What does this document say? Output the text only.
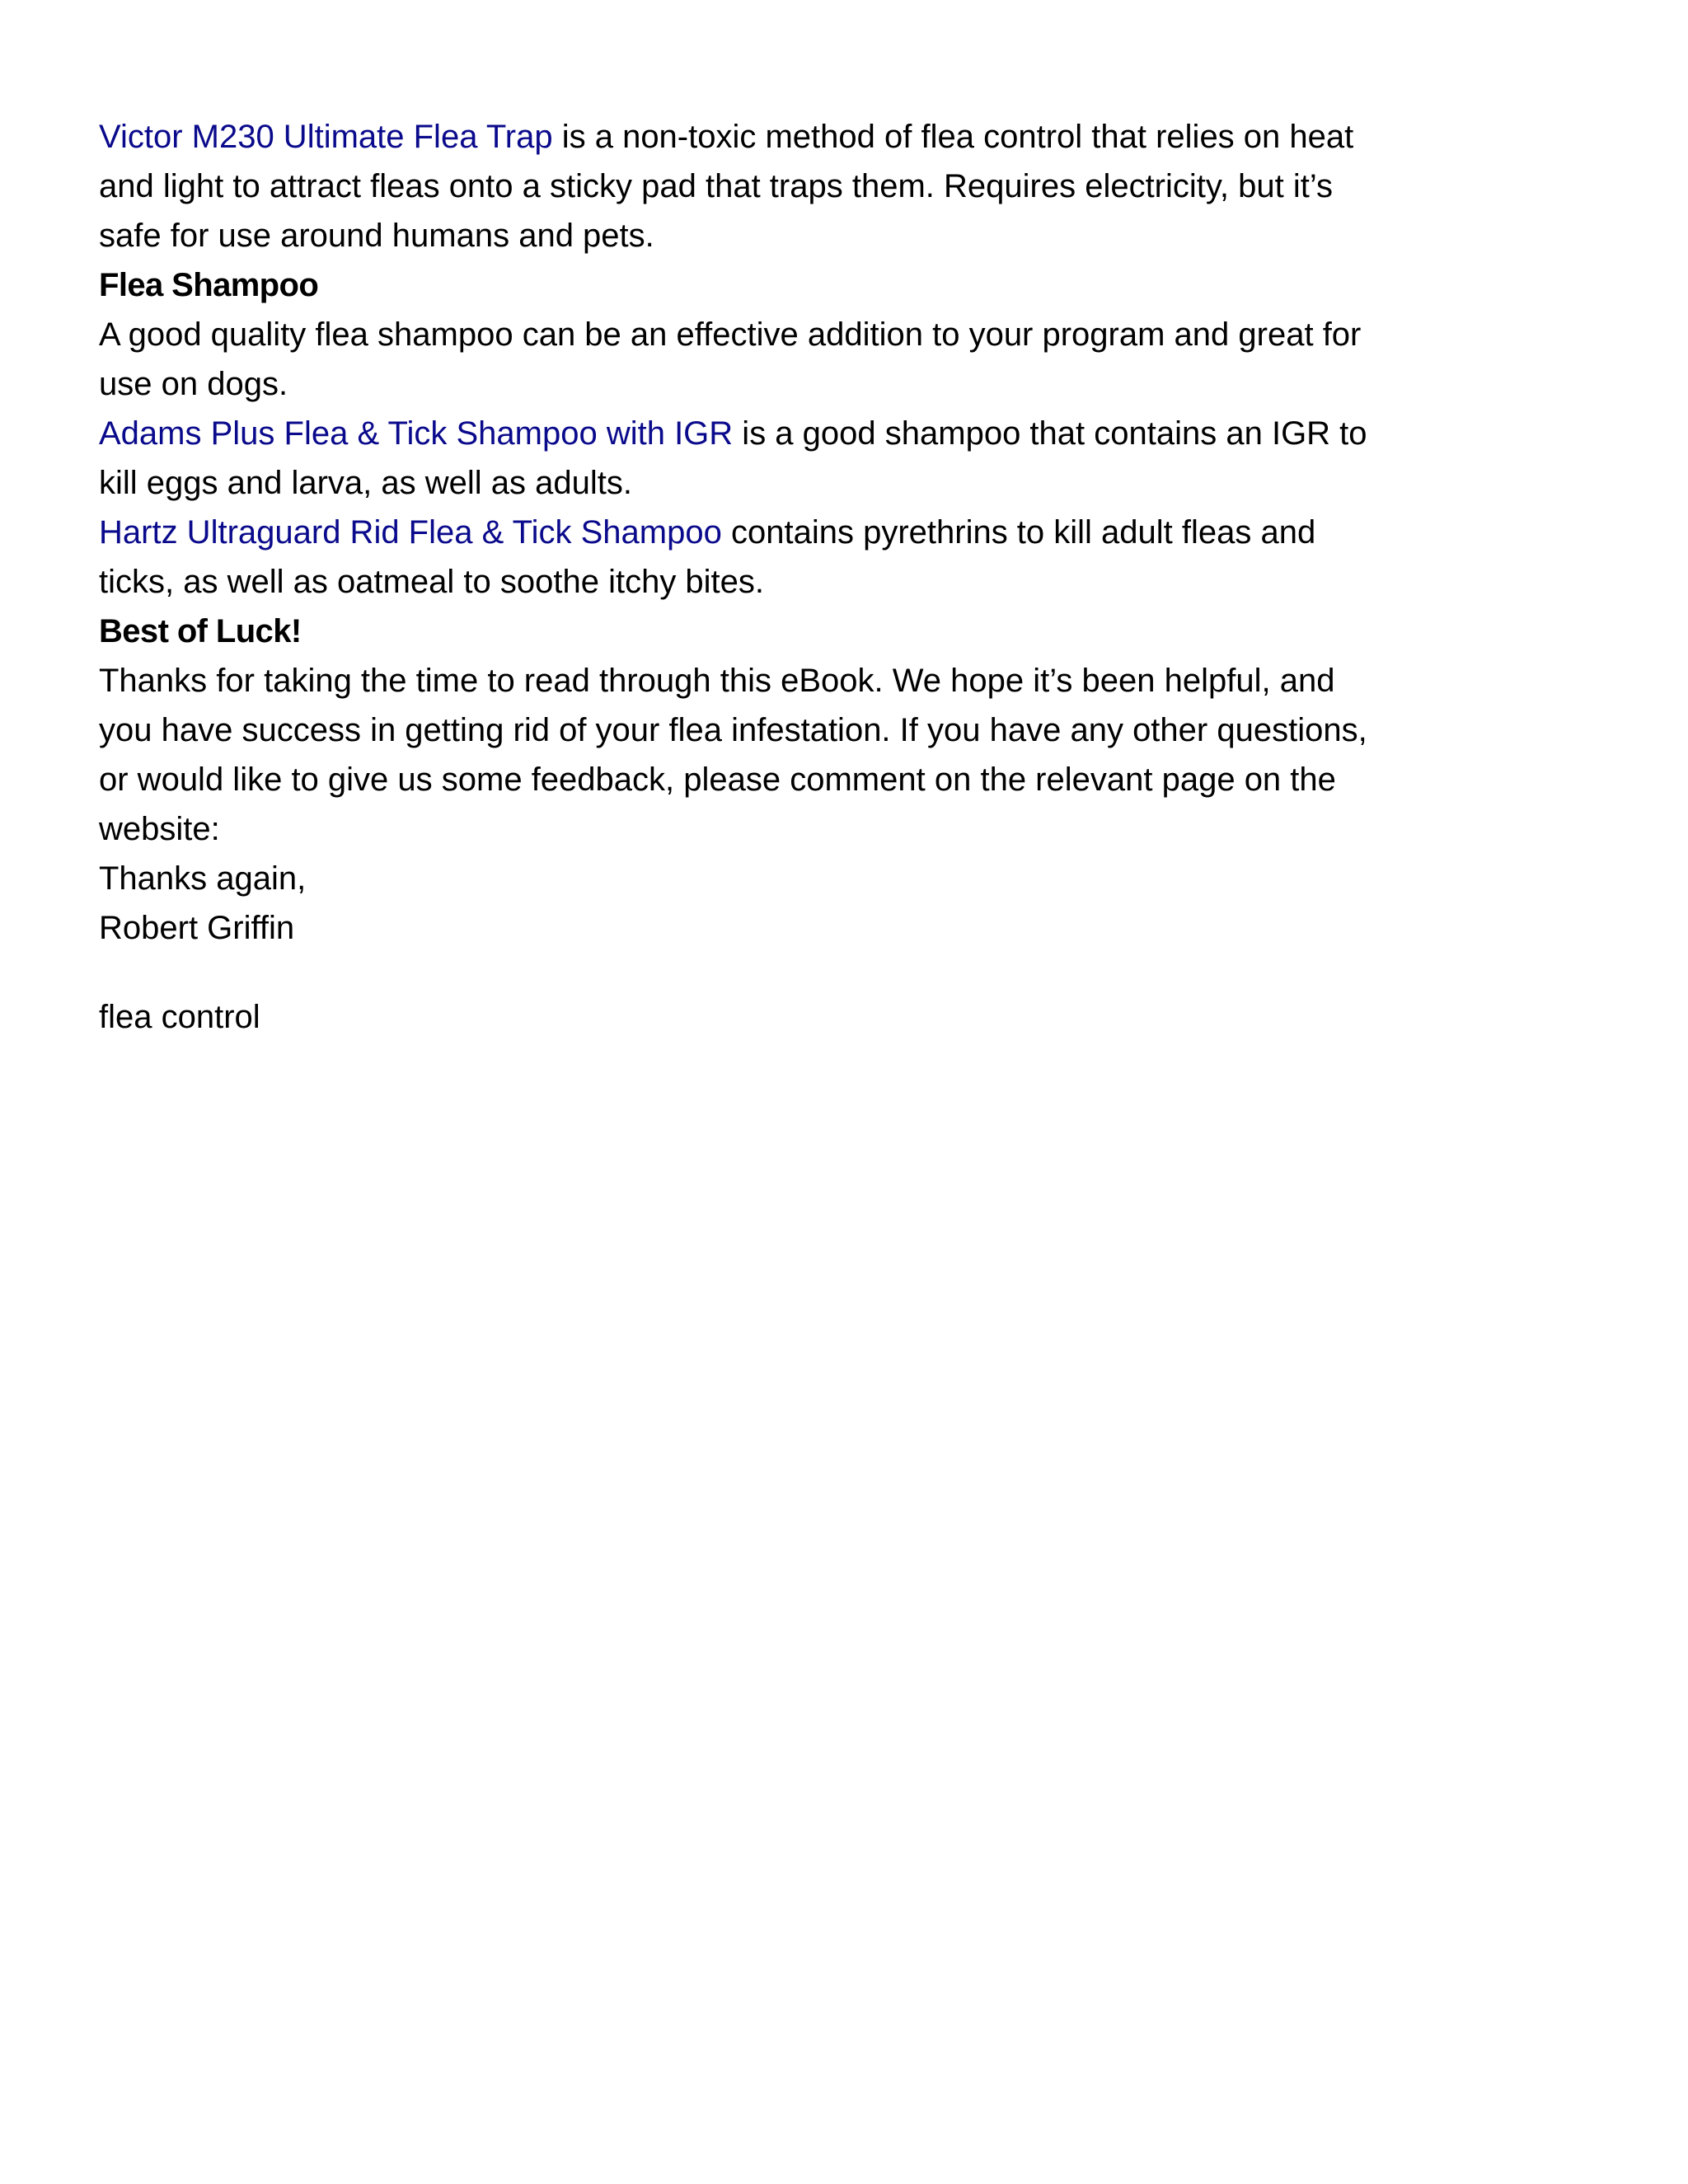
Victor M230 Ultimate Flea Trap is a non-toxic method of flea control that relies on heat and light to attract fleas onto a sticky pad that traps them. Requires electricity, but it’s safe for use around humans and pets.

Flea Shampoo

A good quality flea shampoo can be an effective addition to your program and great for use on dogs.

Adams Plus Flea & Tick Shampoo with IGR is a good shampoo that contains an IGR to kill eggs and larva, as well as adults.

Hartz Ultraguard Rid Flea & Tick Shampoo contains pyrethrins to kill adult fleas and ticks, as well as oatmeal to soothe itchy bites.

Best of Luck!

Thanks for taking the time to read through this eBook. We hope it’s been helpful, and you have success in getting rid of your flea infestation. If you have any other questions, or would like to give us some feedback, please comment on the relevant page on the website:

Thanks again,

Robert Griffin

flea control
